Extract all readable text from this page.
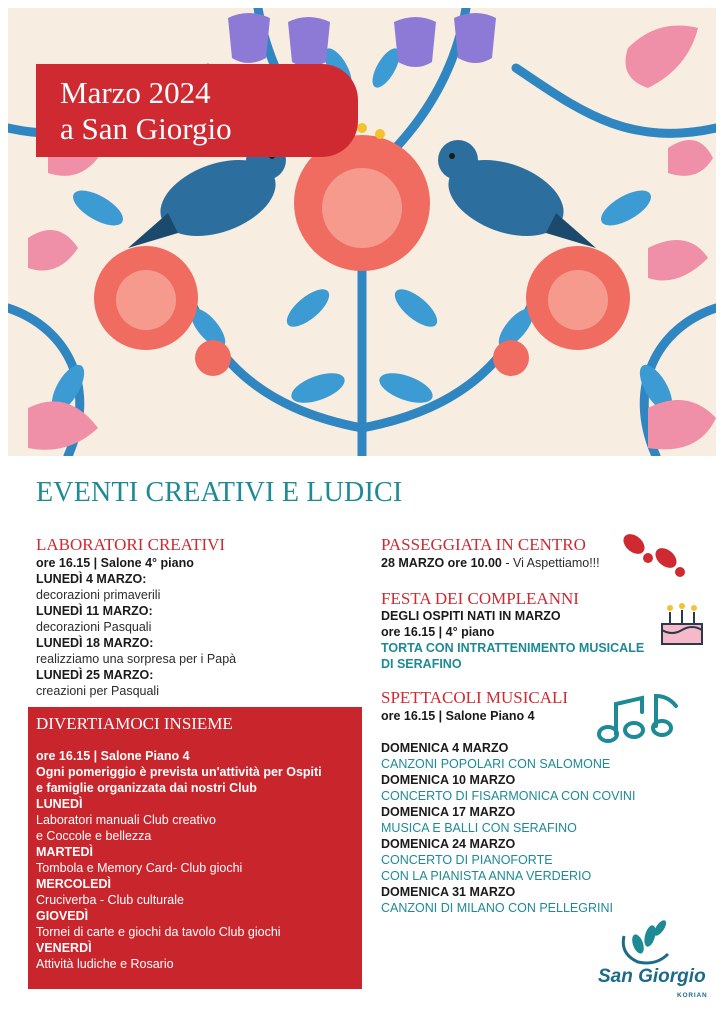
Marzo 2024
a San Giorgio
EVENTI CREATIVI E LUDICI
LABORATORI CREATIVI
ore 16.15 | Salone 4° piano
LUNEDÌ 4 MARZO:
decorazioni primaverili
LUNEDÌ 11 MARZO:
decorazioni Pasquali
LUNEDÌ 18 MARZO:
realizziamo una sorpresa per i Papà
LUNEDÌ 25 MARZO:
creazioni per Pasquali
DIVERTIAMOCI INSIEME
ore 16.15 | Salone Piano 4
Ogni pomeriggio è prevista un'attività per Ospiti
e famiglie organizzata dai nostri Club
LUNEDÌ
Laboratori manuali Club creativo
e Coccole e bellezza
MARTEDÌ
Tombola e Memory Card- Club giochi
MERCOLEDÌ
Cruciverba - Club culturale
GIOVEDÌ
Tornei di carte e giochi da tavolo Club giochi
VENERDÌ
Attività ludiche e Rosario
PASSEGGIATA IN CENTRO
28 MARZO ore 10.00 - Vi Aspettiamo!!!
FESTA DEI COMPLEANNI
DEGLI OSPITI NATI IN MARZO
ore 16.15 | 4° piano
TORTA CON INTRATTENIMENTO MUSICALE
DI SERAFINO
SPETTACOLI MUSICALI
ore 16.15 | Salone Piano 4
DOMENICA 4 MARZO
CANZONI POPOLARI CON SALOMONE
DOMENICA 10 MARZO
CONCERTO DI FISARMONICA CON COVINI
DOMENICA 17 MARZO
MUSICA E BALLI CON SERAFINO
DOMENICA 24 MARZO
CONCERTO DI PIANOFORTE
CON LA PIANISTA ANNA VERDERIO
DOMENICA 31 MARZO
CANZONI DI MILANO CON PELLEGRINI
San Giorgio
KORIAN
